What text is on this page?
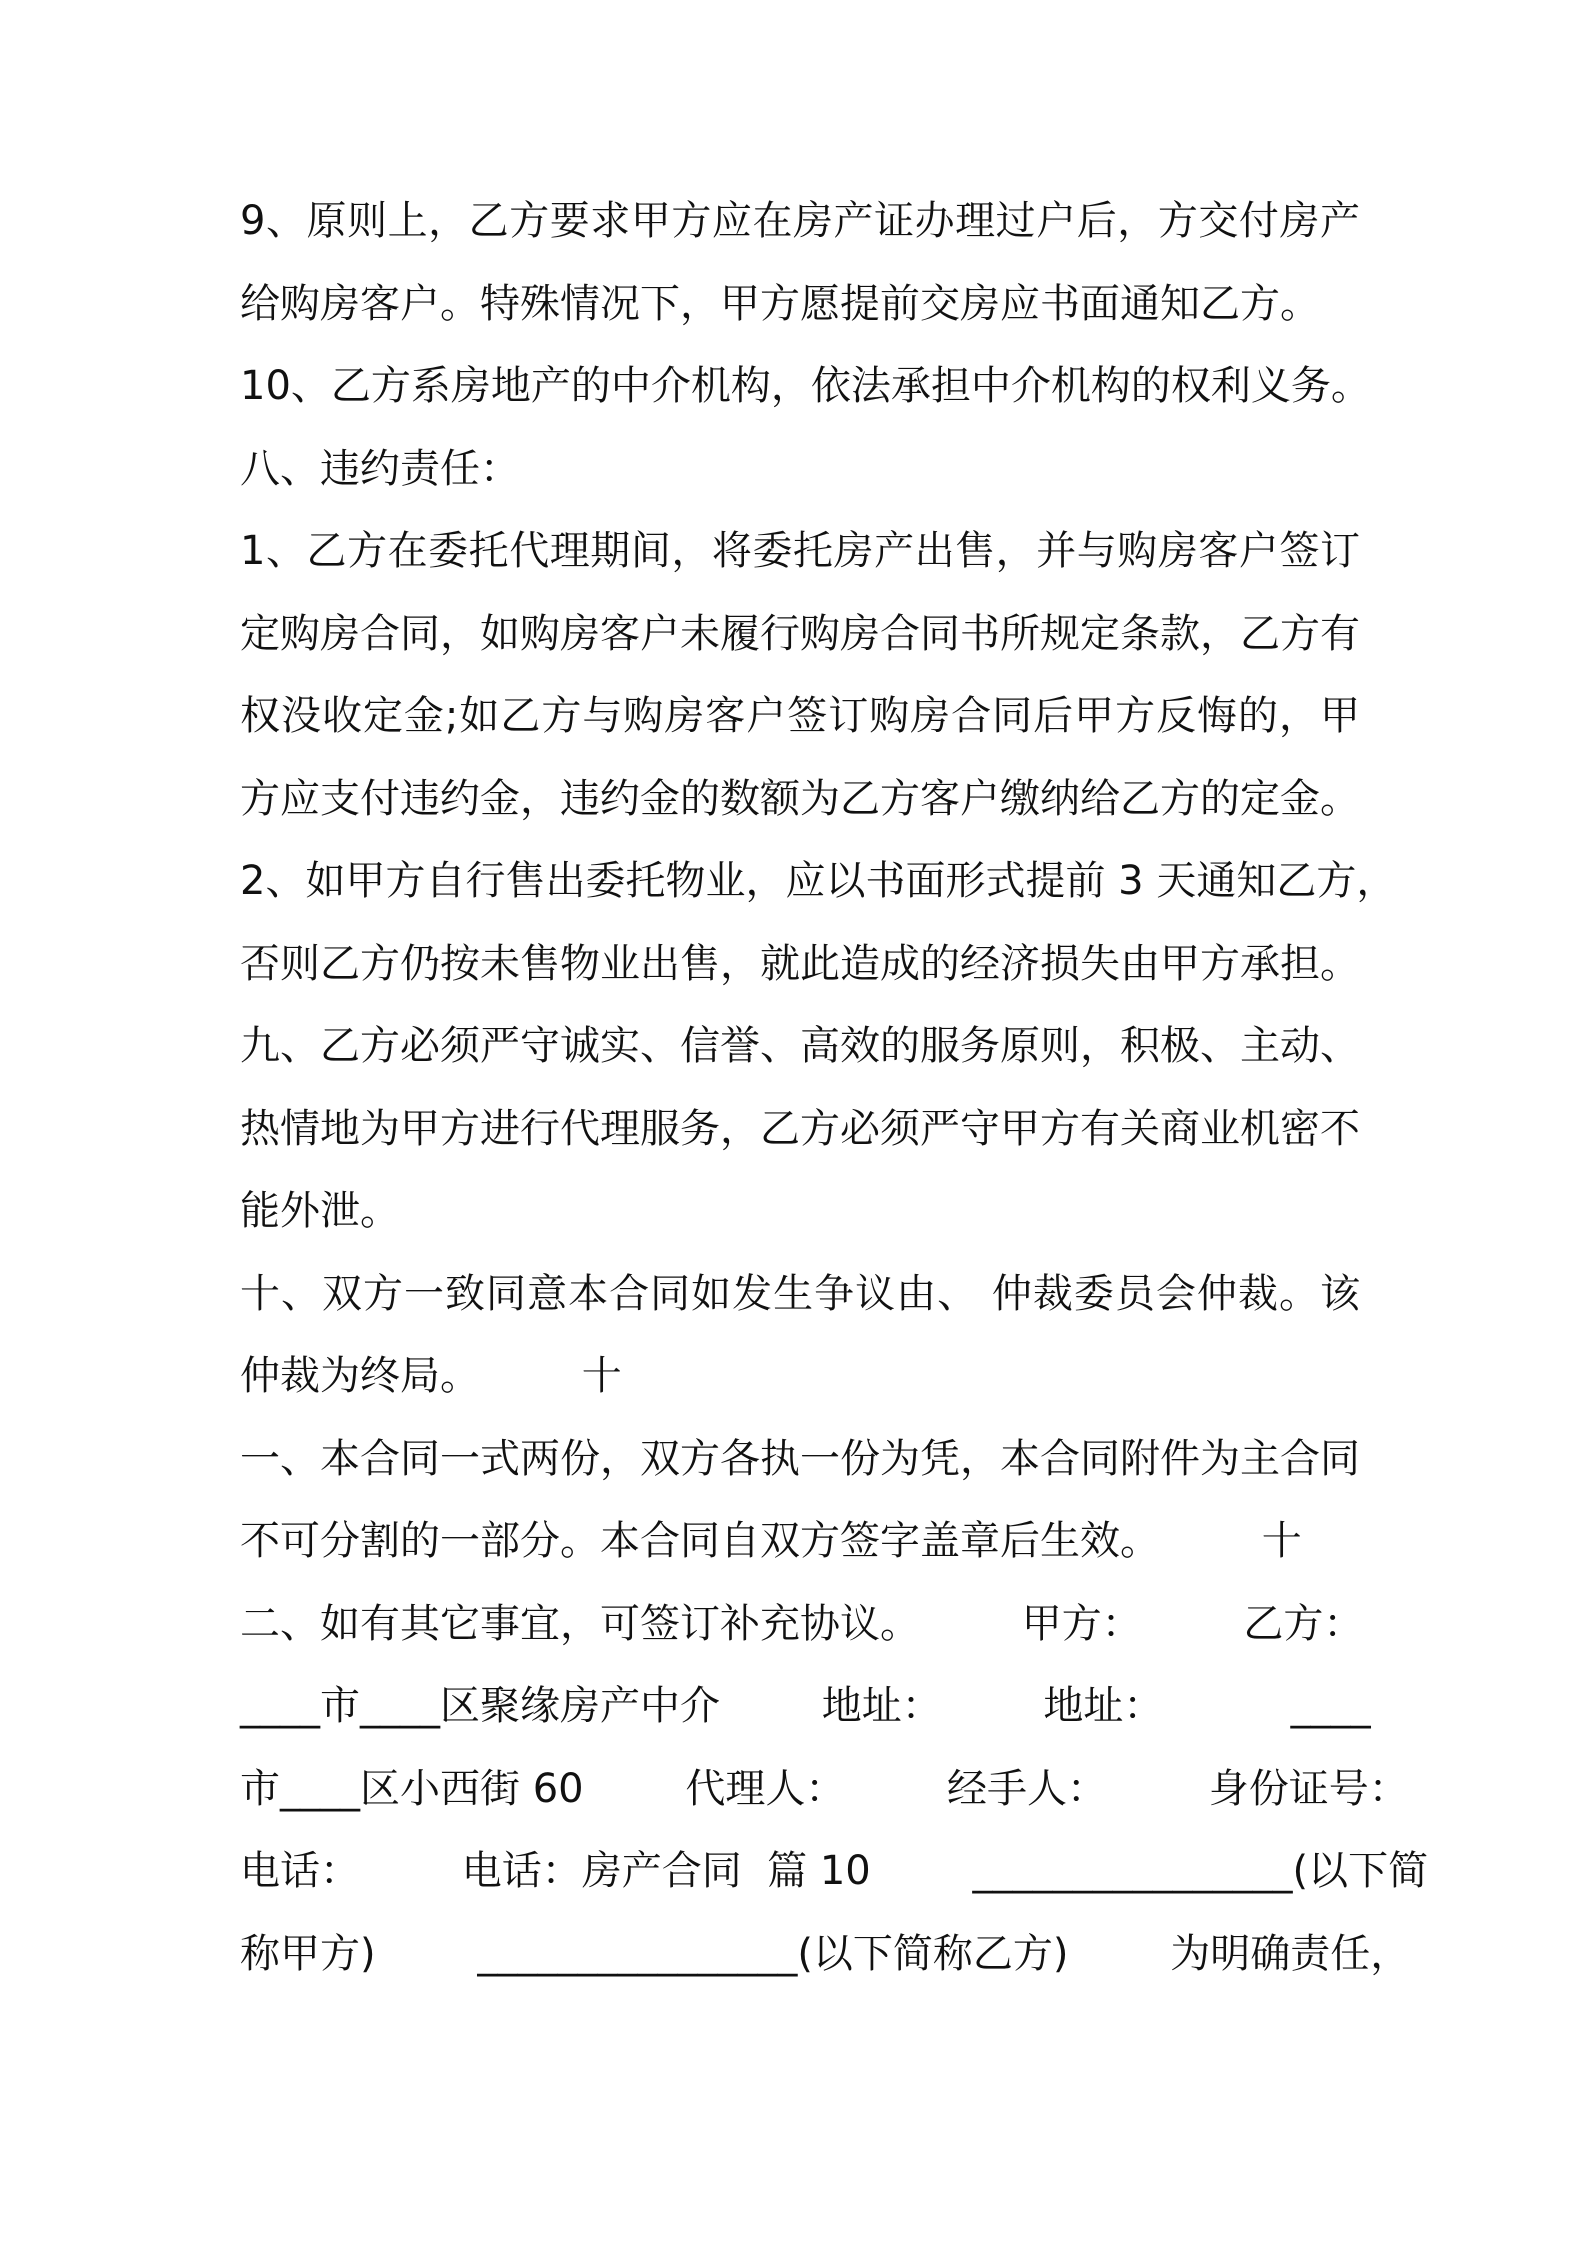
9、原则上，乙方要求甲方应在房产证办理过户后，方交付房产
给购房客户。特殊情况下，甲方愿提前交房应书面通知乙方。
10、乙方系房地产的中介机构，依法承担中介机构的权利义务。
八、违约责任：
1、乙方在委托代理期间，将委托房产出售，并与购房客户签订
定购房合同，如购房客户未履行购房合同书所规定条款，乙方有
权没收定金;如乙方与购房客户签订购房合同后甲方反悔的，甲
方应支付违约金，违约金的数额为乙方客户缴纳给乙方的定金。
2、如甲方自行售出委托物业，应以书面形式提前 3 天通知乙方，
否则乙方仍按未售物业出售，就此造成的经济损失由甲方承担。
九、乙方必须严守诚实、信誉、高效的服务原则，积极、主动、
热情地为甲方进行代理服务，乙方必须严守甲方有关商业机密不
能外泄。
十、双方一致同意本合同如发生争议由、 仲裁委员会仲裁。该
仲裁为终局。        十
一、本合同一式两份，双方各执一份为凭，本合同附件为主合同
不可分割的一部分。本合同自双方签字盖章后生效。        十
二、如有其它事宜，可签订补充协议。        甲方：        乙方：
____市____区聚缘房产中介        地址：        地址：          ____
市____区小西街 60        代理人：        经手人：        身份证号：
电话：        电话：房产合同  篇 10        ________________(以下简
称甲方)        ________________(以下简称乙方)        为明确责任，
